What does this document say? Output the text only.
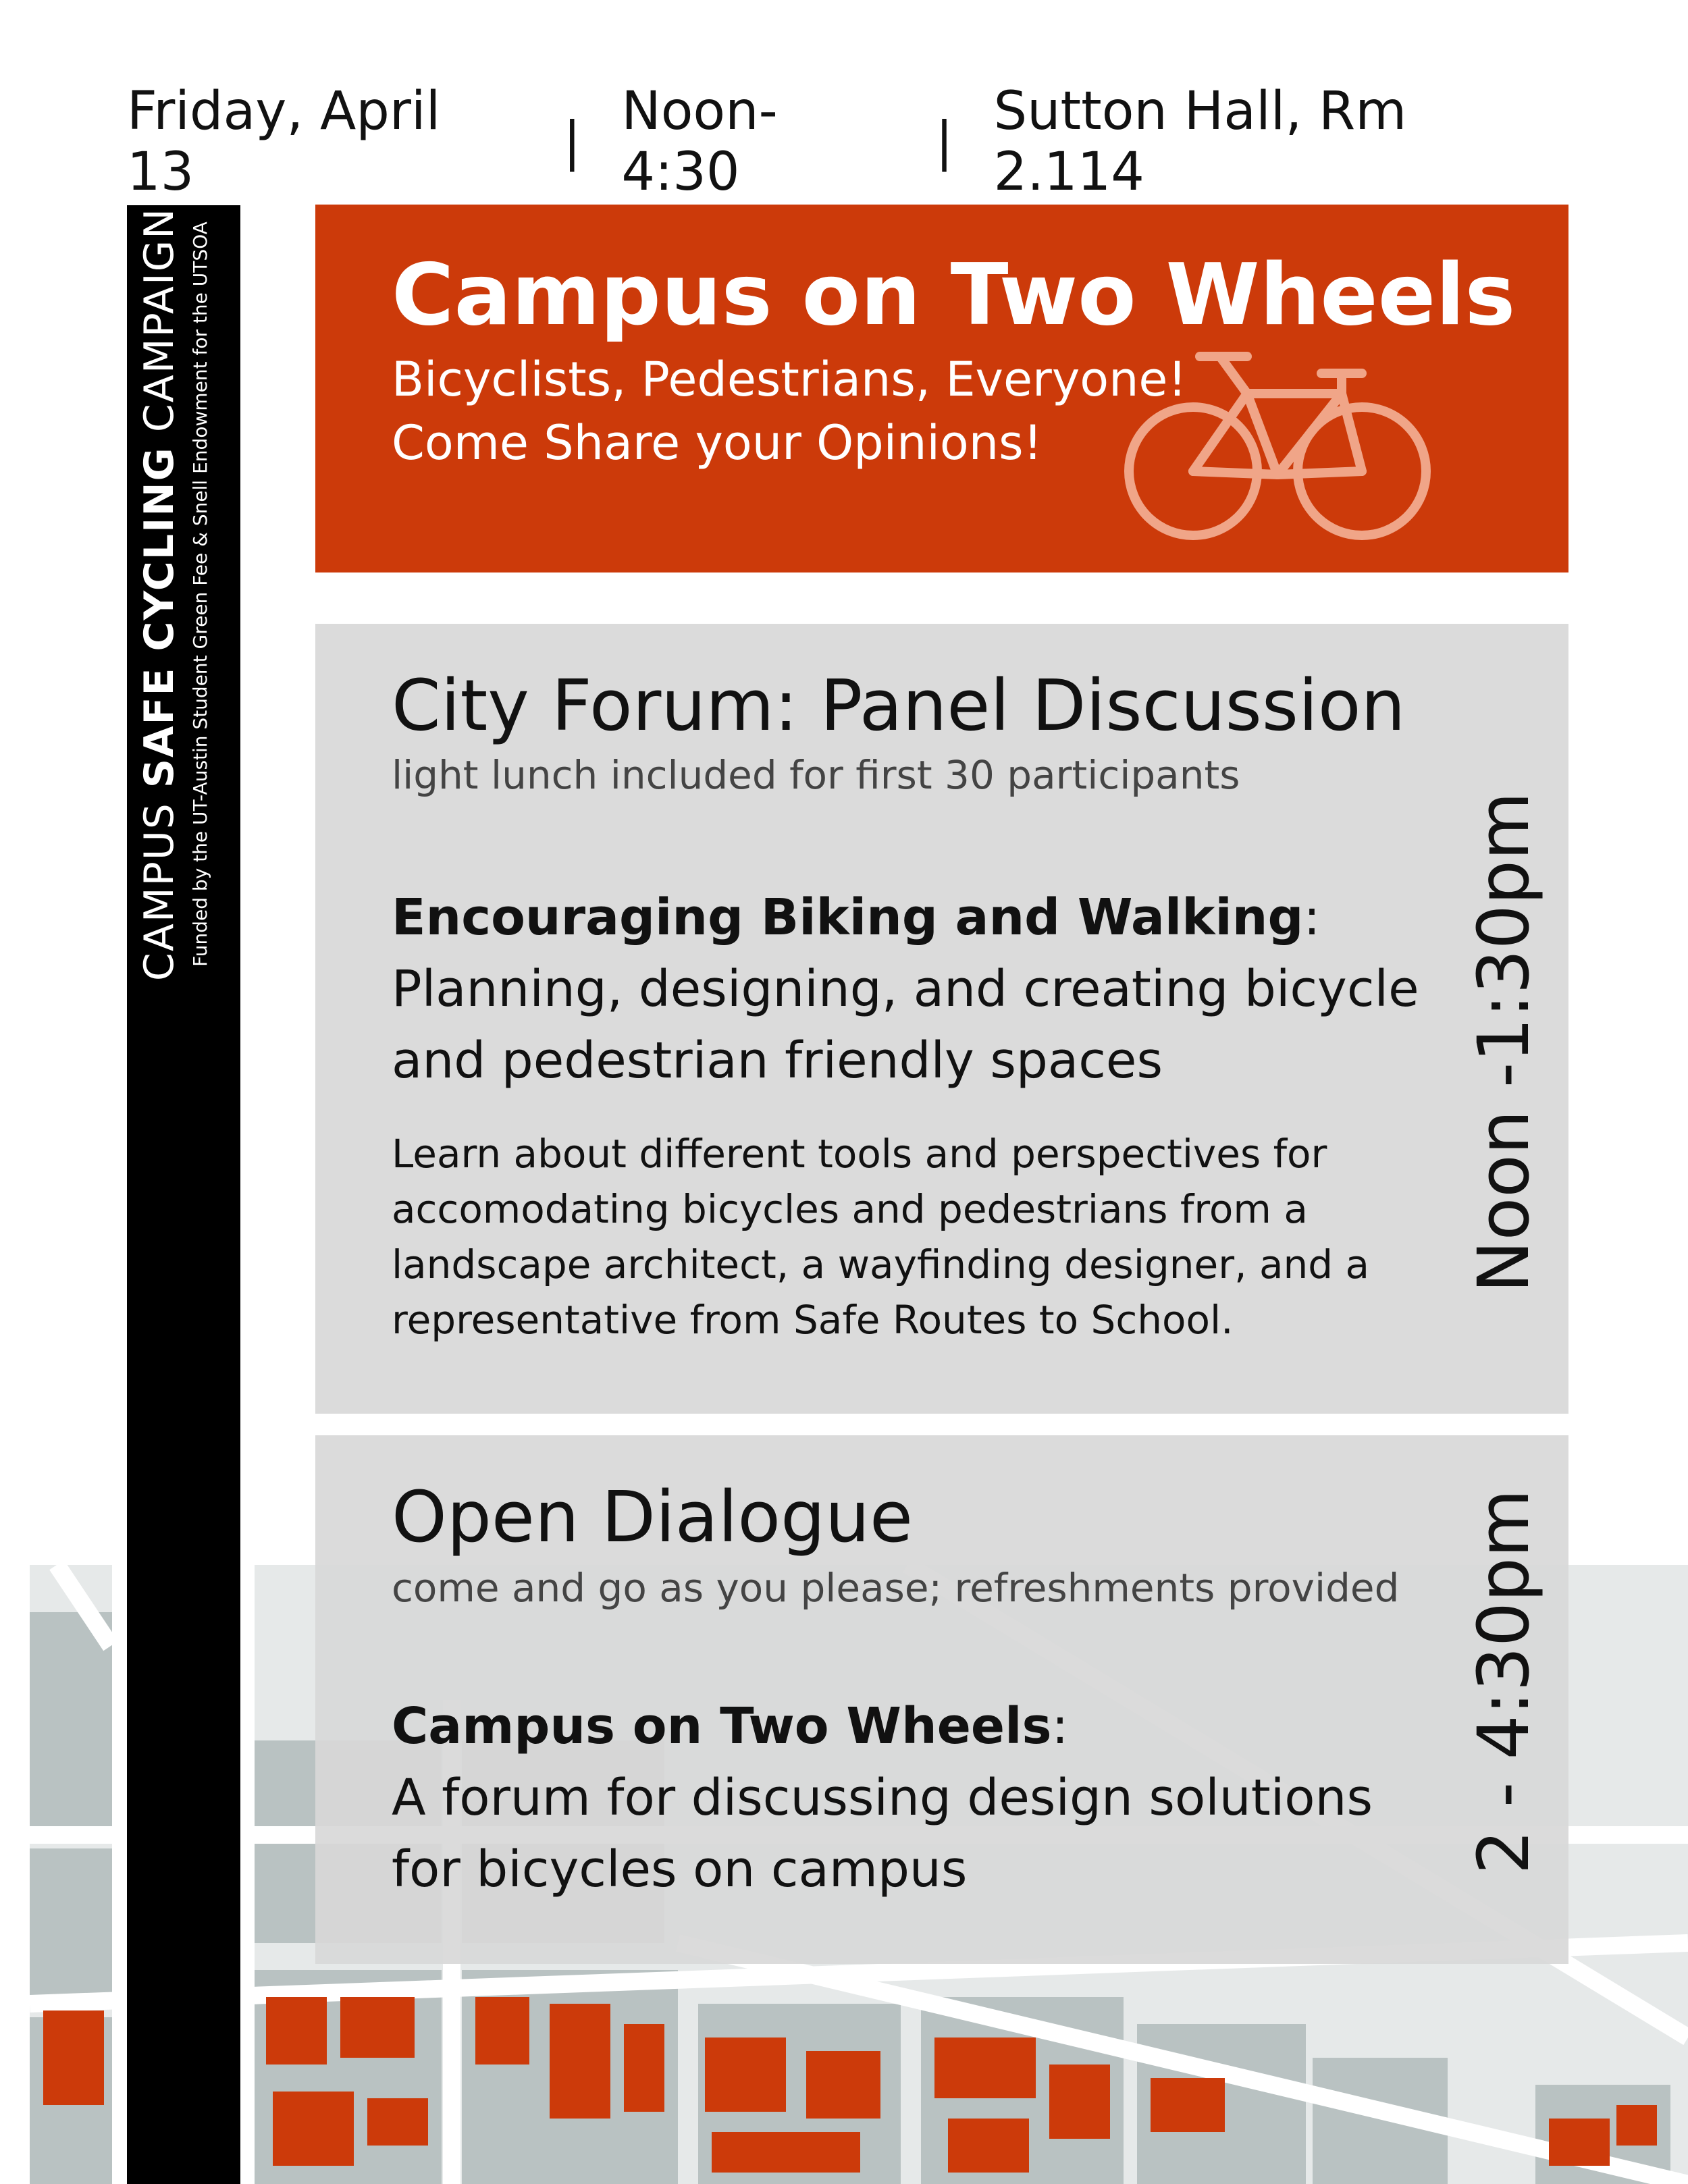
Friday, April 13	| Noon-4:30	| Sutton Hall, Rm 2.114
CAMPUS SAFE CYCLING CAMPAIGN Funded by the UT-Austin Student Green Fee & Snell Endowment for the UTSOA Campus on Two Wheels
Bicyclists, Pedestrians, Everyone!
Come Share your Opinions!
City Forum: Panel Discussion
light lunch included for first 30 participants
Encouraging Biking and Walking:
Planning, designing, and creating bicycle and pedestrian friendly spaces
Learn about different tools and perspectives for accomodating bicycles and pedestrians from a landscape architect, a wayfinding designer, and a representative from Safe Routes to School.
Noon -1:30pm
Open Dialogue
come and go as you please; refreshments provided
Campus on Two Wheels:
A forum for discussing design solutions for bicycles on campus	2 - 4:30pm
